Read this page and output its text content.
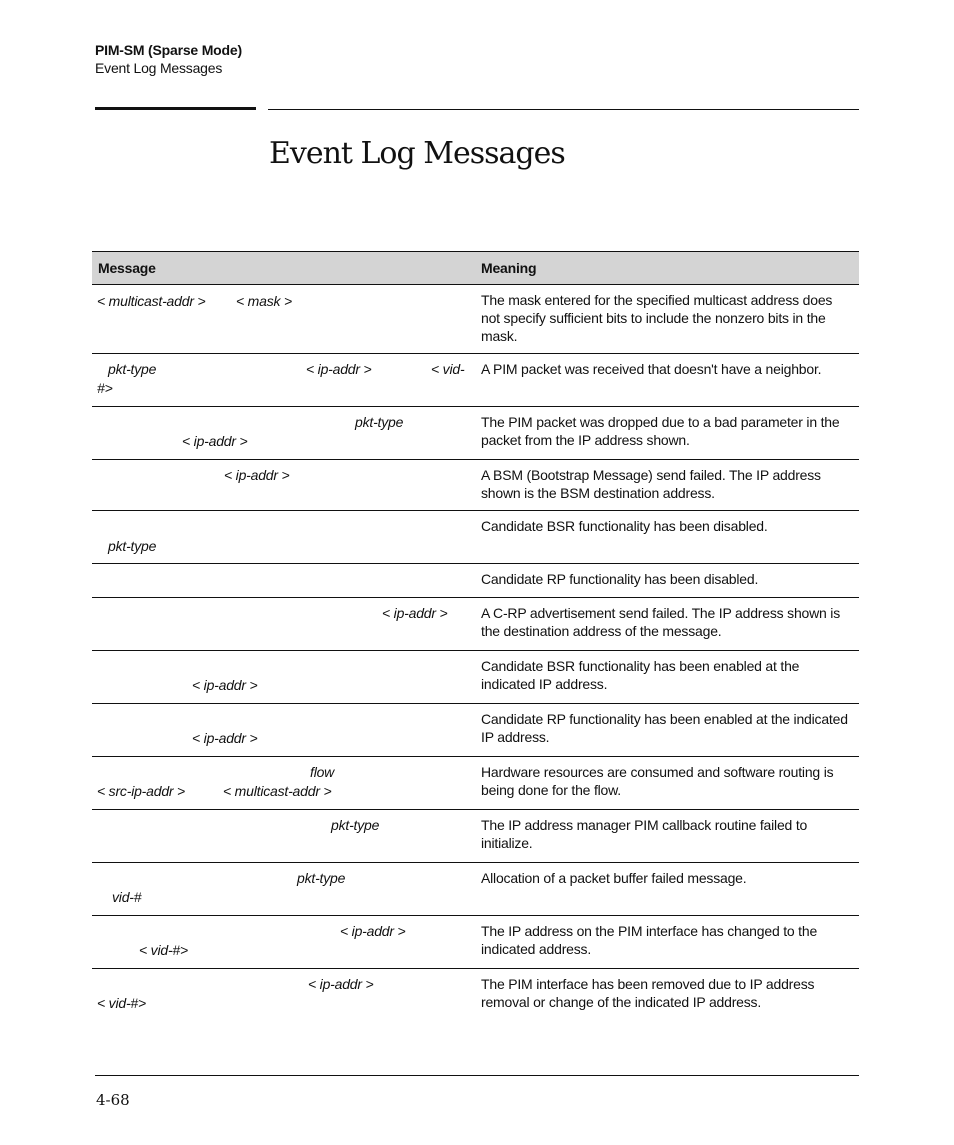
PIM-SM (Sparse Mode)
Event Log Messages
Event Log Messages
Message	Meaning

< multicast-addr > < mask >	The mask entered for the specified multicast address does not specify sufficient bits to include the nonzero bits in the mask.

pkt-type < ip-addr > < vid-
#>	A PIM packet was received that doesn't have a neighbor.

pkt-type
< ip-addr >	The PIM packet was dropped due to a bad parameter in the packet from the IP address shown.

< ip-addr >	A BSM (Bootstrap Message) send failed. The IP address shown is the BSM destination address.

pkt-type	Candidate BSR functionality has been disabled.

	Candidate RP functionality has been disabled.

< ip-addr >	A C-RP advertisement send failed. The IP address shown is the destination address of the message.

< ip-addr >	Candidate BSR functionality has been enabled at the indicated IP address.

< ip-addr >	Candidate RP functionality has been enabled at the indicated IP address.

flow
< src-ip-addr > < multicast-addr >	Hardware resources are consumed and software routing is being done for the flow.

pkt-type	The IP address manager PIM callback routine failed to initialize.

pkt-type
vid-#	Allocation of a packet buffer failed message.

< ip-addr >
< vid-#>	The IP address on the PIM interface has changed to the indicated address.

< ip-addr >
< vid-#>	The PIM interface has been removed due to IP address removal or change of the indicated IP address.
4-68
